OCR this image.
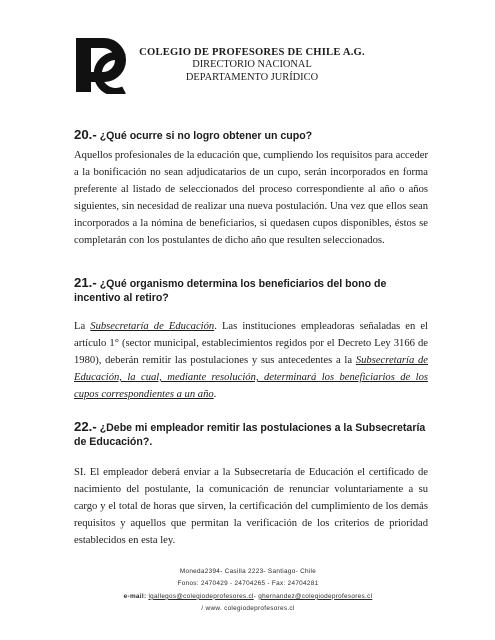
COLEGIO DE PROFESORES DE CHILE A.G.
DIRECTORIO NACIONAL
DEPARTAMENTO JURÍDICO

20.- ¿Qué ocurre si no logro obtener un cupo?

Aquellos profesionales de la educación que, cumpliendo los requisitos para acceder a la bonificación no sean adjudicatarios de un cupo, serán incorporados en forma preferente al listado de seleccionados del proceso correspondiente al año o años siguientes, sin necesidad de realizar una nueva postulación. Una vez que ellos sean incorporados a la nómina de beneficiarios, si quedasen cupos disponibles, éstos se completarán con los postulantes de dicho año que resulten seleccionados.

21.- ¿Qué organismo determina los beneficiarios del bono de incentivo al retiro?

La Subsecretaría de Educación. Las instituciones empleadoras señaladas en el artículo 1° (sector municipal, establecimientos regidos por el Decreto Ley 3166 de 1980), deberán remitir las postulaciones y sus antecedentes a la Subsecretaría de Educación, la cual, mediante resolución, determinará los beneficiarios de los cupos correspondientes a un año.

22.- ¿Debe mi empleador remitir las postulaciones a la Subsecretaría de Educación?.

SI. El empleador deberá enviar a la Subsecretaría de Educación el certificado de nacimiento del postulante, la comunicación de renunciar voluntariamente a su cargo y el total de horas que sirven, la certificación del cumplimiento de los demás requisitos y aquellos que permitan la verificación de los criterios de prioridad establecidos en esta ley.

Moneda2394- Casilla 2223- Santiago- Chile
Fonos: 2470429 - 24704265 - Fax: 24704281
e-mail: lgallegos@colegiodeprofesores.cl- ghernandez@colegiodeprofesores.cl
/ www. colegiodeprofesores.cl
